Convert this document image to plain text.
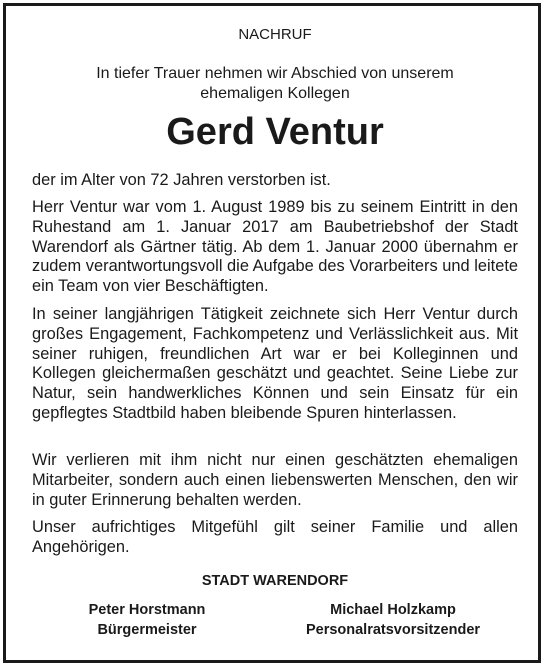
NACHRUF
In tiefer Trauer nehmen wir Abschied von unserem
ehemaligen Kollegen
Gerd Ventur
der im Alter von 72 Jahren verstorben ist.
Herr Ventur war vom 1. August 1989 bis zu seinem Eintritt in den Ruhestand am 1. Januar 2017 am Baubetriebshof der Stadt Warendorf als Gärtner tätig. Ab dem 1. Januar 2000 übernahm er zudem verantwortungsvoll die Aufgabe des Vorarbeiters und leitete ein Team von vier Beschäftigten.
In seiner langjährigen Tätigkeit zeichnete sich Herr Ventur durch großes Engagement, Fachkompetenz und Verlässlichkeit aus. Mit seiner ruhigen, freundlichen Art war er bei Kolleginnen und Kollegen gleichermaßen geschätzt und geachtet. Seine Liebe zur Natur, sein handwerkliches Können und sein Einsatz für ein gepflegtes Stadtbild haben bleibende Spuren hinterlassen.
Wir verlieren mit ihm nicht nur einen geschätzten ehemaligen Mitarbeiter, sondern auch einen liebenswerten Menschen, den wir in guter Erinnerung behalten werden.
Unser aufrichtiges Mitgefühl gilt seiner Familie und allen Angehörigen.
STADT WARENDORF
Peter Horstmann
Bürgermeister
Michael Holzkamp
Personalratsvorsitzender
